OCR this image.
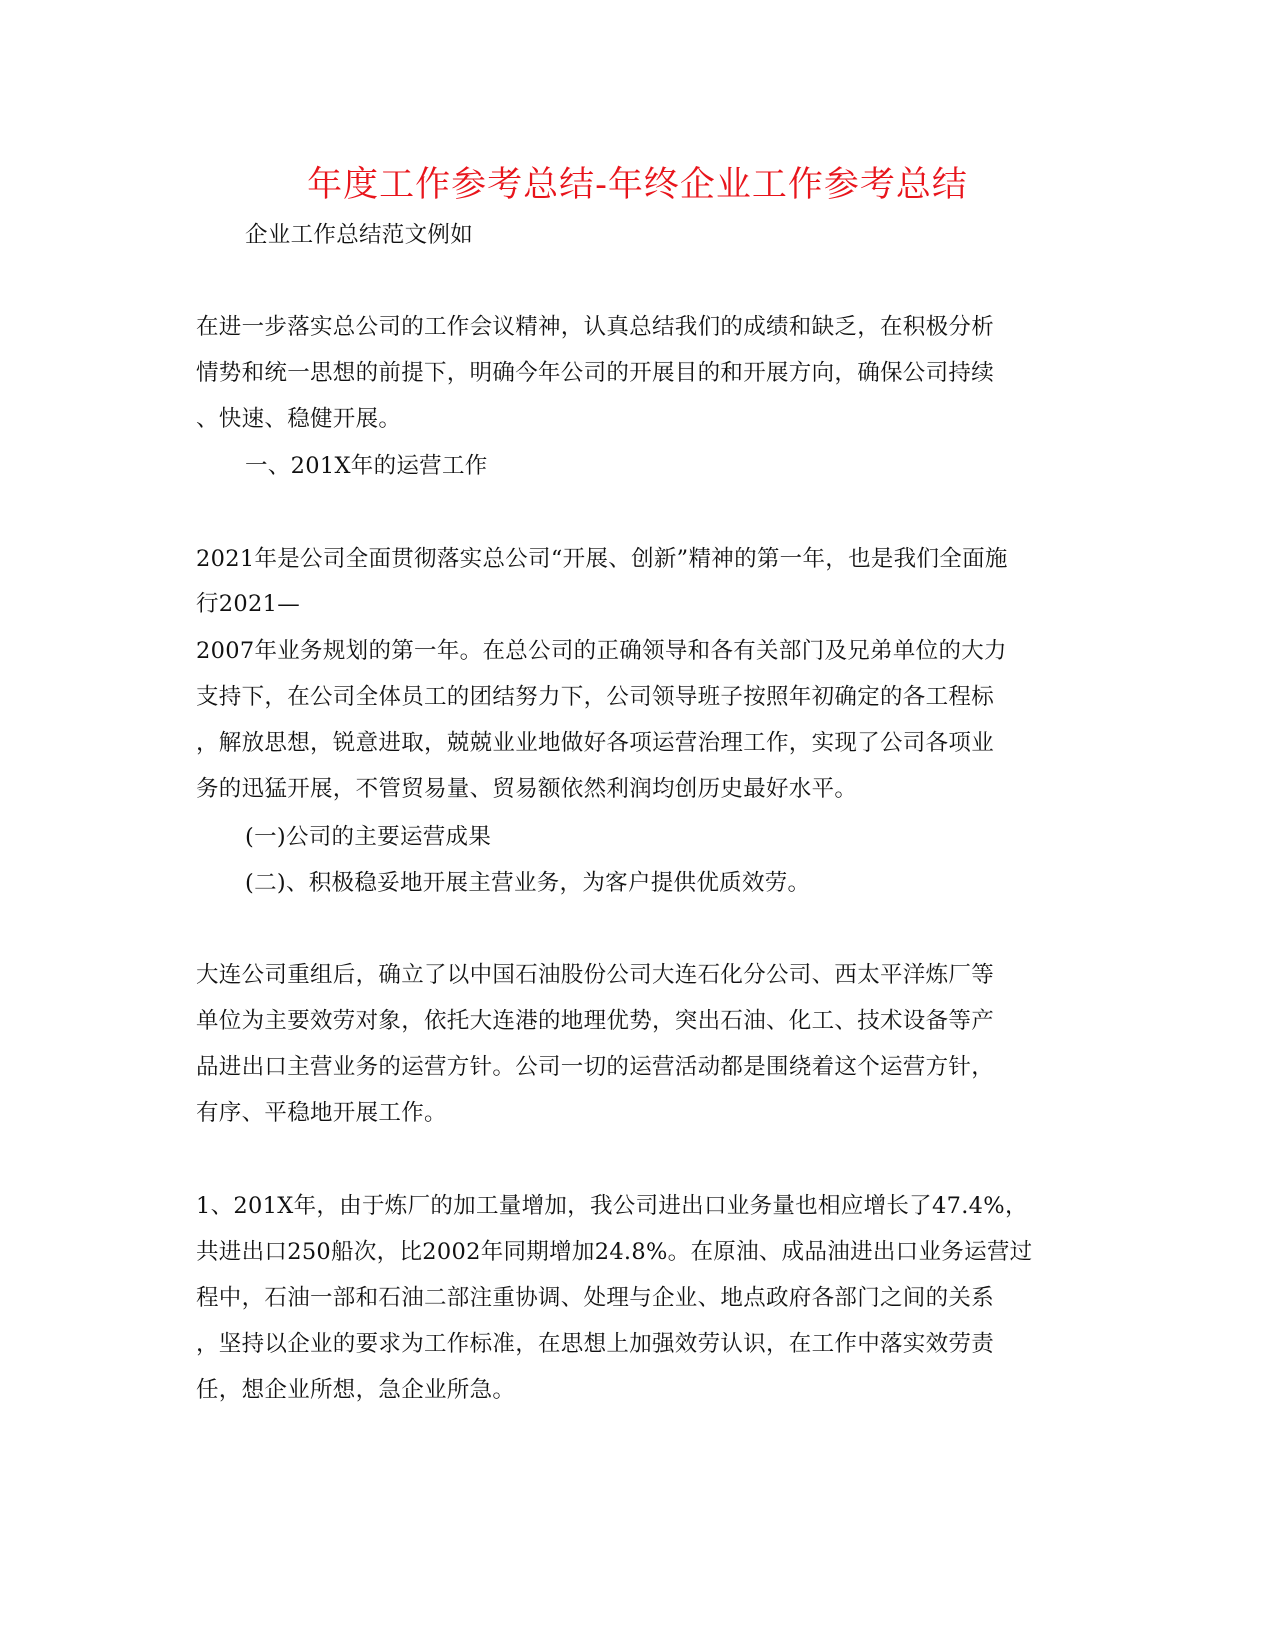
年度工作参考总结-年终企业工作参考总结
企业工作总结范文例如
在进一步落实总公司的工作会议精神，认真总结我们的成绩和缺乏，在积极分析
情势和统一思想的前提下，明确今年公司的开展目的和开展方向，确保公司持续
、快速、稳健开展。
一、201X年的运营工作
2021年是公司全面贯彻落实总公司“开展、创新”精神的第一年，也是我们全面施
行2021—
2007年业务规划的第一年。在总公司的正确领导和各有关部门及兄弟单位的大力
支持下，在公司全体员工的团结努力下，公司领导班子按照年初确定的各工程标
，解放思想，锐意进取，兢兢业业地做好各项运营治理工作，实现了公司各项业
务的迅猛开展，不管贸易量、贸易额依然利润均创历史最好水平。
(一)公司的主要运营成果
(二)、积极稳妥地开展主营业务，为客户提供优质效劳。
大连公司重组后，确立了以中国石油股份公司大连石化分公司、西太平洋炼厂等
单位为主要效劳对象，依托大连港的地理优势，突出石油、化工、技术设备等产
品进出口主营业务的运营方针。公司一切的运营活动都是围绕着这个运营方针，
有序、平稳地开展工作。
1、201X年，由于炼厂的加工量增加，我公司进出口业务量也相应增长了47.4%，
共进出口250船次，比2002年同期增加24.8%。在原油、成品油进出口业务运营过
程中，石油一部和石油二部注重协调、处理与企业、地点政府各部门之间的关系
，坚持以企业的要求为工作标准，在思想上加强效劳认识，在工作中落实效劳责
任，想企业所想，急企业所急。
